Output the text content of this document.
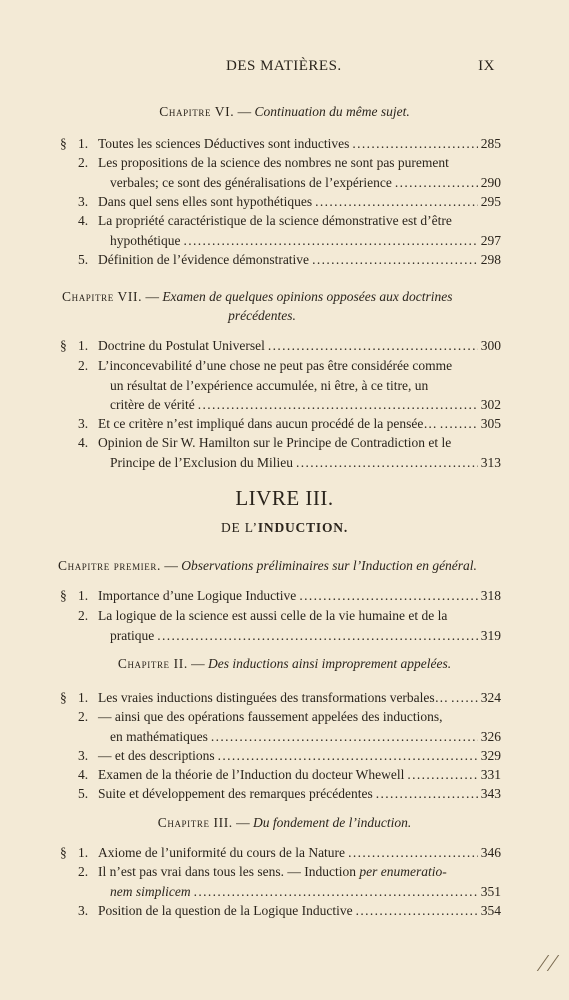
DES MATIÈRES.	IX
Chapitre VI. — Continuation du même sujet.
§ 1. Toutes les sciences Déductives sont inductives . . .	285
2. Les propositions de la science des nombres ne sont pas purement
verbales; ce sont des généralisations de l’expérience . . .	290
3. Dans quel sens elles sont hypothétiques . . .	295
4. La propriété caractéristique de la science démonstrative est d’être
hypothétique . . .	297
5. Définition de l’évidence démonstrative . . .	298
Chapitre VII. — Examen de quelques opinions opposées aux doctrines
précédentes.
§ 1. Doctrine du Postulat Universel . . .	300
2. L’inconcevabilité d’une chose ne peut pas être considérée comme
un résultat de l’expérience accumulée, ni être, à ce titre, un
critère de vérité . . .	302
3. Et ce critère n’est impliqué dans aucun procédé de la pensée… . . .	305
4. Opinion de Sir W. Hamilton sur le Principe de Contradiction et le
Principe de l’Exclusion du Milieu . . .	313
LIVRE III.
DE L’INDUCTION.
Chapitre premier. — Observations préliminaires sur l’Induction en général.
§ 1. Importance d’une Logique Inductive . . .	318
2. La logique de la science est aussi celle de la vie humaine et de la
pratique . . .	319
Chapitre II. — Des inductions ainsi improprement appelées.
§ 1. Les vraies inductions distinguées des transformations verbales… . . . 324
2. — ainsi que des opérations faussement appelées des inductions,
en mathématiques . . .	326
3. — et des descriptions . . .	329
4. Examen de la théorie de l’Induction du docteur Whewell . . .	331
5. Suite et développement des remarques précédentes . . .	343
Chapitre III. — Du fondement de l’induction.
§ 1. Axiome de l’uniformité du cours de la Nature . . .	346
2. Il n’est pas vrai dans tous les sens. — Induction per enumeratio-
nem simplicem . . .	351
3. Position de la question de la Logique Inductive . . .	354
⁄ ⁄
